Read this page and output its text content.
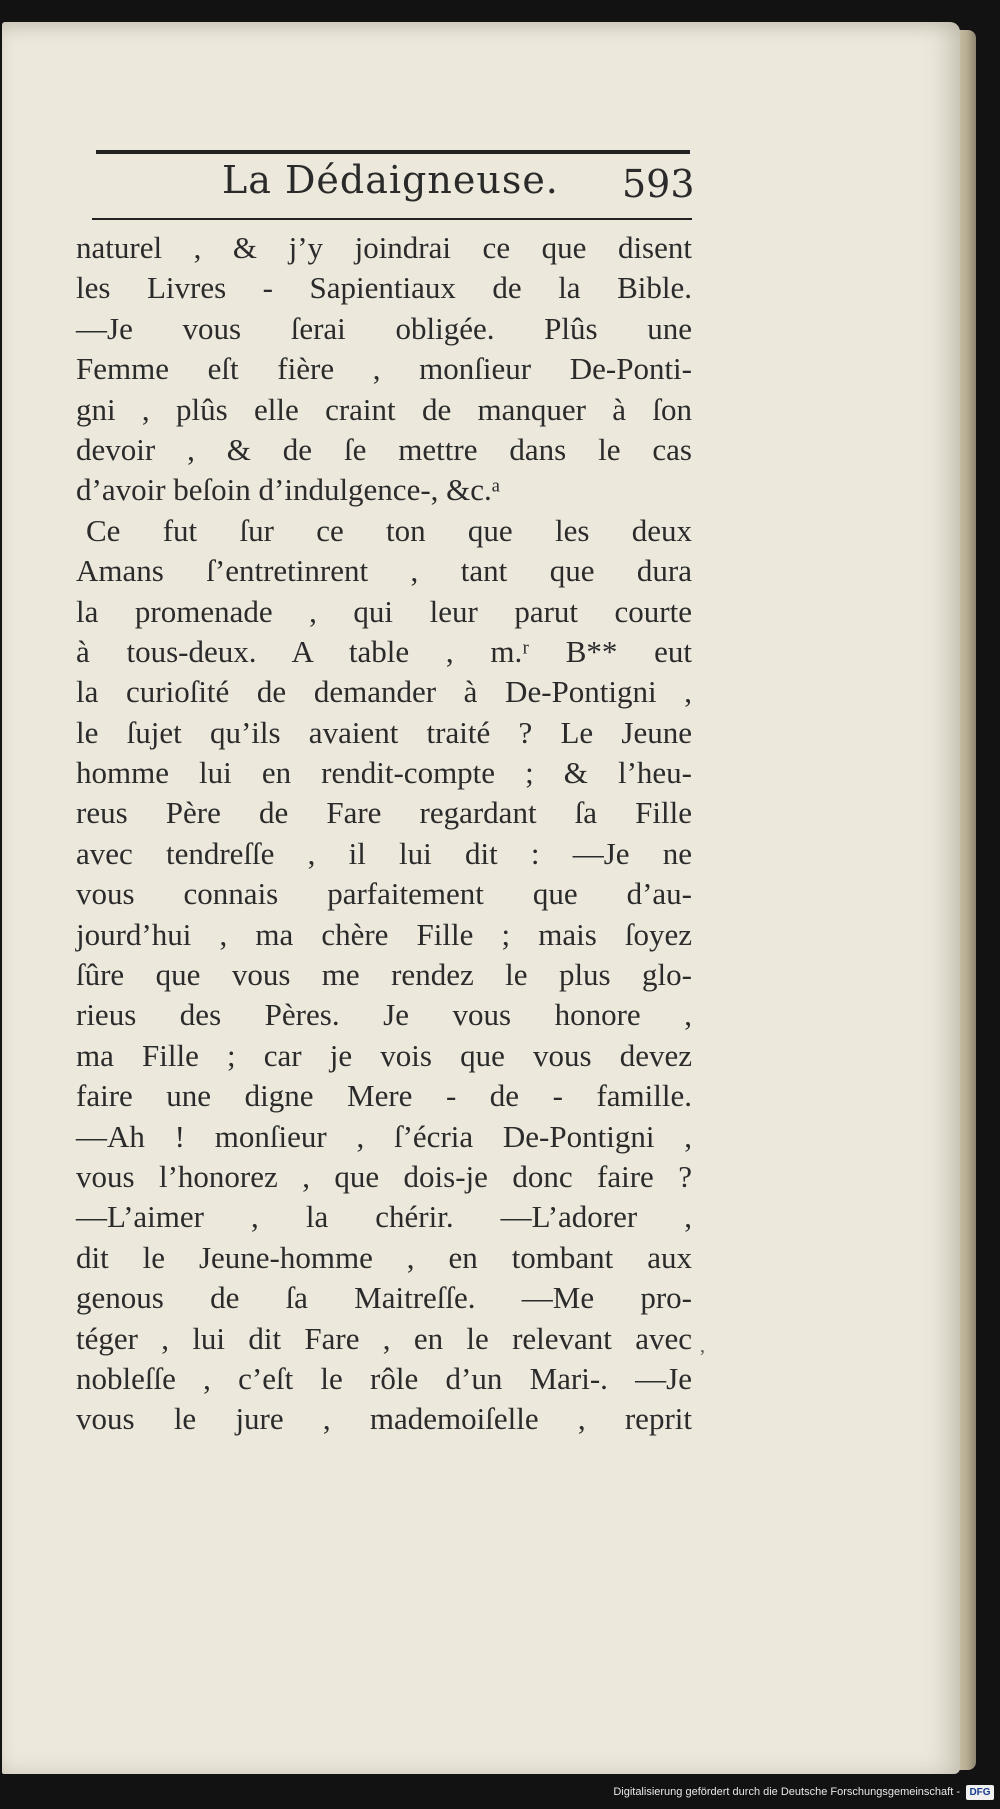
La Dédaigneuse. 593
naturel , & j’y joindrai ce que disent
les Livres - Sapientiaux de la Bible.
—Je vous ſerai obligée. Plûs une
Femme eſt fière , monſieur De-Ponti-
gni , plûs elle craint de manquer à ſon
devoir , & de ſe mettre dans le cas
d’avoir beſoin d’indulgence-, &c.ᵃ
Ce fut ſur ce ton que les deux
Amans ſ’entretinrent , tant que dura
la promenade , qui leur parut courte
à tous-deux. A table , m.ʳ B** eut
la curioſité de demander à De-Pontigni ,
le ſujet qu’ils avaient traité ? Le Jeune
homme lui en rendit-compte ; & l’heu-
reus Père de Fare regardant ſa Fille
avec tendreſſe , il lui dit : —Je ne
vous connais parfaitement que d’au-
jourd’hui , ma chère Fille ; mais ſoyez
ſûre que vous me rendez le plus glo-
rieus des Pères. Je vous honore ,
ma Fille ; car je vois que vous devez
faire une digne Mere - de - famille.
—Ah ! monſieur , ſ’écria De-Pontigni ,
vous l’honorez , que dois-je donc faire ?
—L’aimer , la chérir. —L’adorer ,
dit le Jeune-homme , en tombant aux
genous de ſa Maitreſſe. —Me pro-
téger , lui dit Fare , en le relevant avec
nobleſſe , c’eſt le rôle d’un Mari-. —Je
vous le jure , mademoiſelle , reprit
,
Digitalisierung gefördert durch die Deutsche Forschungsgemeinschaft - DFG
